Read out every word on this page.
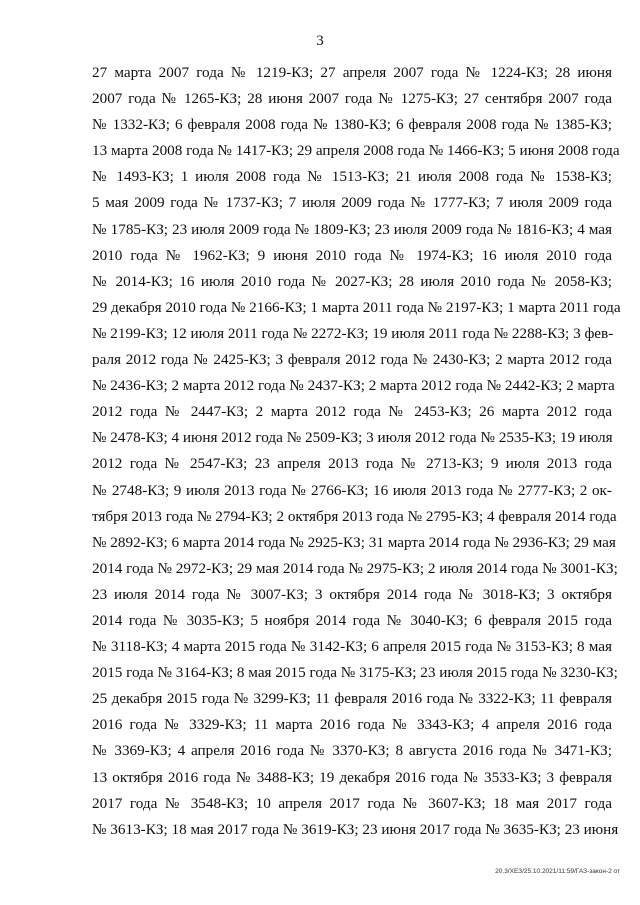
3
27 марта 2007 года № 1219-КЗ; 27 апреля 2007 года № 1224-КЗ; 28 июня
2007 года № 1265-КЗ; 28 июня 2007 года № 1275-КЗ; 27 сентября 2007 года
№ 1332-КЗ; 6 февраля 2008 года № 1380-КЗ; 6 февраля 2008 года № 1385-КЗ;
13 марта 2008 года № 1417-КЗ; 29 апреля 2008 года № 1466-КЗ; 5 июня 2008 года
№ 1493-КЗ; 1 июля 2008 года № 1513-КЗ; 21 июля 2008 года № 1538-КЗ;
5 мая 2009 года № 1737-КЗ; 7 июля 2009 года № 1777-КЗ; 7 июля 2009 года
№ 1785-КЗ; 23 июля 2009 года № 1809-КЗ; 23 июля 2009 года № 1816-КЗ; 4 мая
2010 года № 1962-КЗ; 9 июня 2010 года № 1974-КЗ; 16 июля 2010 года
№ 2014-КЗ; 16 июля 2010 года № 2027-КЗ; 28 июля 2010 года № 2058-КЗ;
29 декабря 2010 года № 2166-КЗ; 1 марта 2011 года № 2197-КЗ; 1 марта 2011 года
№ 2199-КЗ; 12 июля 2011 года № 2272-КЗ; 19 июля 2011 года № 2288-КЗ; 3 фев-
раля 2012 года № 2425-КЗ; 3 февраля 2012 года № 2430-КЗ; 2 марта 2012 года
№ 2436-КЗ; 2 марта 2012 года № 2437-КЗ; 2 марта 2012 года № 2442-КЗ; 2 марта
2012 года № 2447-КЗ; 2 марта 2012 года № 2453-КЗ; 26 марта 2012 года
№ 2478-КЗ; 4 июня 2012 года № 2509-КЗ; 3 июля 2012 года № 2535-КЗ; 19 июля
2012 года № 2547-КЗ; 23 апреля 2013 года № 2713-КЗ; 9 июля 2013 года
№ 2748-КЗ; 9 июля 2013 года № 2766-КЗ; 16 июля 2013 года № 2777-КЗ; 2 ок-
тября 2013 года № 2794-КЗ; 2 октября 2013 года № 2795-КЗ; 4 февраля 2014 года
№ 2892-КЗ; 6 марта 2014 года № 2925-КЗ; 31 марта 2014 года № 2936-КЗ; 29 мая
2014 года № 2972-КЗ; 29 мая 2014 года № 2975-КЗ; 2 июля 2014 года № 3001-КЗ;
23 июля 2014 года № 3007-КЗ; 3 октября 2014 года № 3018-КЗ; 3 октября
2014 года № 3035-КЗ; 5 ноября 2014 года № 3040-КЗ; 6 февраля 2015 года
№ 3118-КЗ; 4 марта 2015 года № 3142-КЗ; 6 апреля 2015 года № 3153-КЗ; 8 мая
2015 года № 3164-КЗ; 8 мая 2015 года № 3175-КЗ; 23 июля 2015 года № 3230-КЗ;
25 декабря 2015 года № 3299-КЗ; 11 февраля 2016 года № 3322-КЗ; 11 февраля
2016 года № 3329-КЗ; 11 марта 2016 года № 3343-КЗ; 4 апреля 2016 года
№ 3369-КЗ; 4 апреля 2016 года № 3370-КЗ; 8 августа 2016 года № 3471-КЗ;
13 октября 2016 года № 3488-КЗ; 19 декабря 2016 года № 3533-КЗ; 3 февраля
2017 года № 3548-КЗ; 10 апреля 2017 года № 3607-КЗ; 18 мая 2017 года
№ 3613-КЗ; 18 мая 2017 года № 3619-КЗ; 23 июня 2017 года № 3635-КЗ; 23 июня
20.3/ХЕЗ/25.10.2021/11:59/ГАЗ-закон-2 от
